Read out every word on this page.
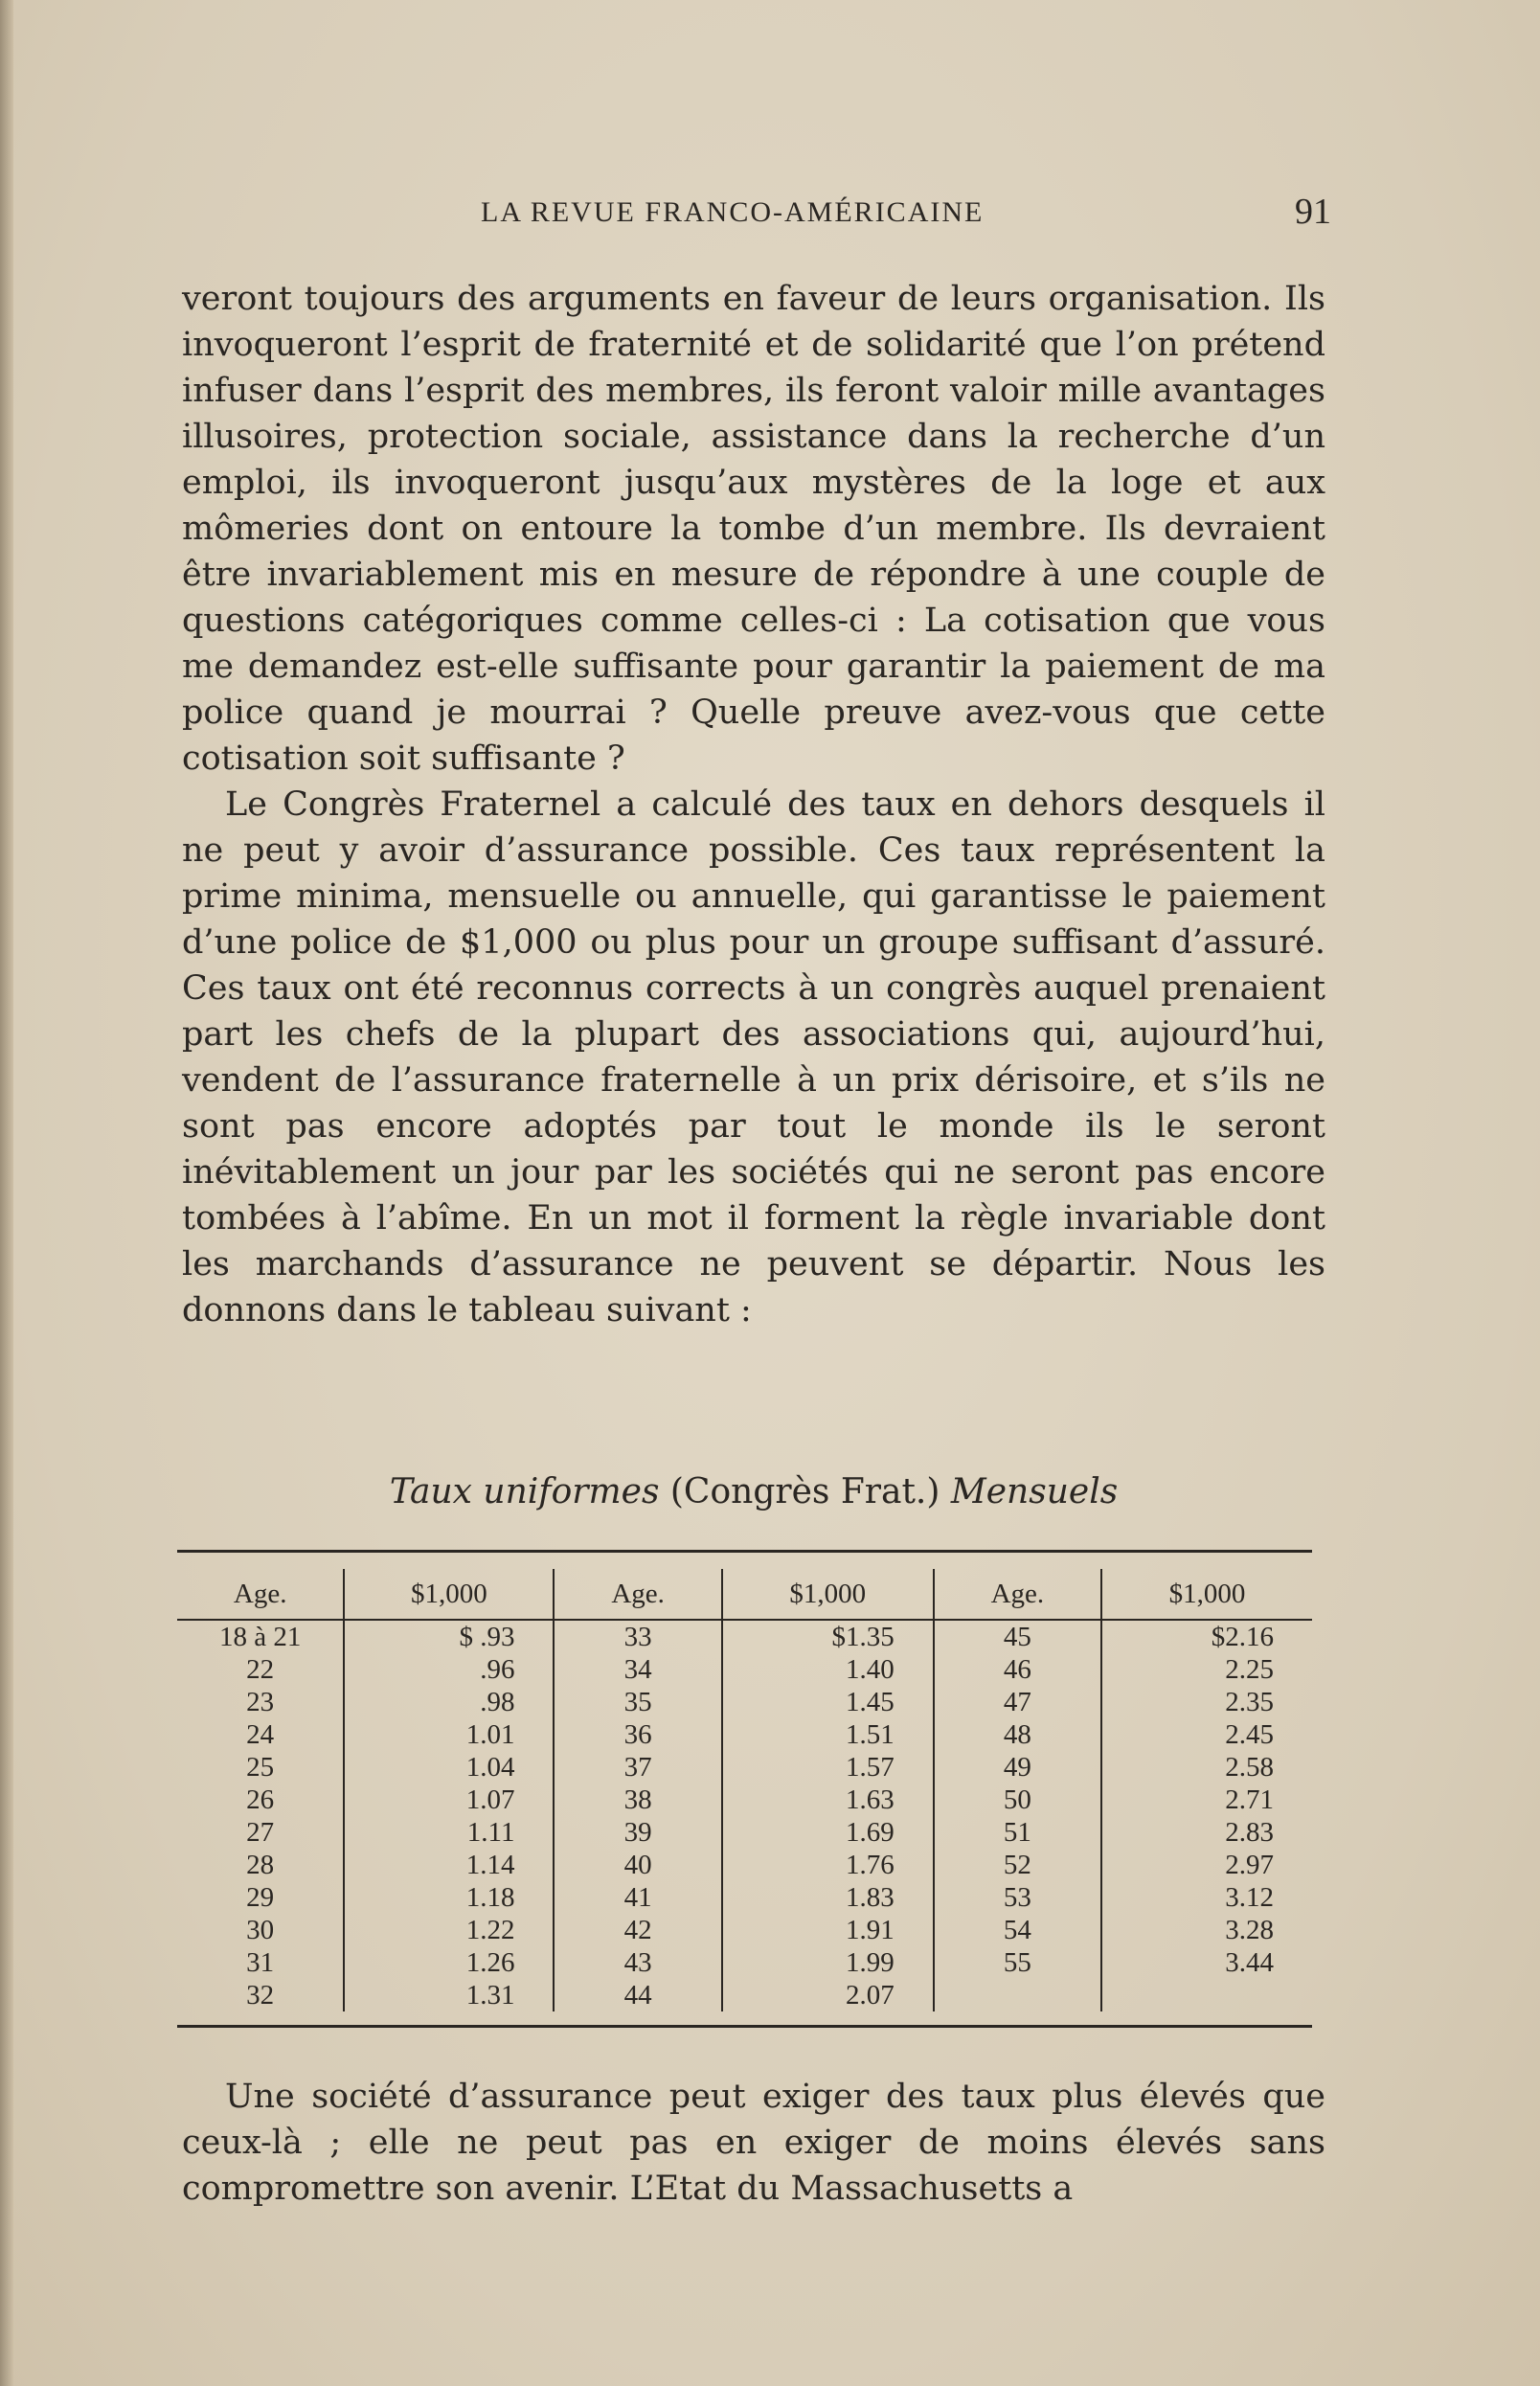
LA REVUE FRANCO-AMÉRICAINE	91

veront toujours des arguments en faveur de leurs organisation. Ils invoqueront l’esprit de fraternité et de solidarité que l’on prétend infuser dans l’esprit des membres, ils feront valoir mille avantages illusoires, protection sociale, assistance dans la recherche d’un emploi, ils invoqueront jusqu’aux mystères de la loge et aux mômeries dont on entoure la tombe d’un membre. Ils devraient être invariablement mis en mesure de répondre à une couple de questions catégoriques comme celles-ci : La cotisation que vous me demandez est-elle suffisante pour garantir la paiement de ma police quand je mourrai ? Quelle preuve avez-vous que cette cotisation soit suffisante ?

Le Congrès Fraternel a calculé des taux en dehors desquels il ne peut y avoir d’assurance possible. Ces taux représentent la prime minima, mensuelle ou annuelle, qui garantisse le paiement d’une police de $1,000 ou plus pour un groupe suffisant d’assuré. Ces taux ont été reconnus corrects à un congrès auquel prenaient part les chefs de la plupart des associations qui, aujourd’hui, vendent de l’assurance fraternelle à un prix dérisoire, et s’ils ne sont pas encore adoptés par tout le monde ils le seront inévitablement un jour par les sociétés qui ne seront pas encore tombées à l’abîme. En un mot il forment la règle invariable dont les marchands d’assurance ne peuvent se départir. Nous les donnons dans le tableau suivant :

Taux uniformes (Congrès Frat.) Mensuels
Age.	$1,000	Age.	$1,000	Age.	$1,000
18 à 21	$ .93	33	$1.35	45	$2.16
22	.96	34	1.40	46	2.25
23	.98	35	1.45	47	2.35
24	1.01	36	1.51	48	2.45
25	1.04	37	1.57	49	2.58
26	1.07	38	1.63	50	2.71
27	1.11	39	1.69	51	2.83
28	1.14	40	1.76	52	2.97
29	1.18	41	1.83	53	3.12
30	1.22	42	1.91	54	3.28
31	1.26	43	1.99	55	3.44
32	1.31	44	2.07		

Une société d’assurance peut exiger des taux plus élevés que ceux-là ; elle ne peut pas en exiger de moins élevés sans compromettre son avenir. L’Etat du Massachusetts a
